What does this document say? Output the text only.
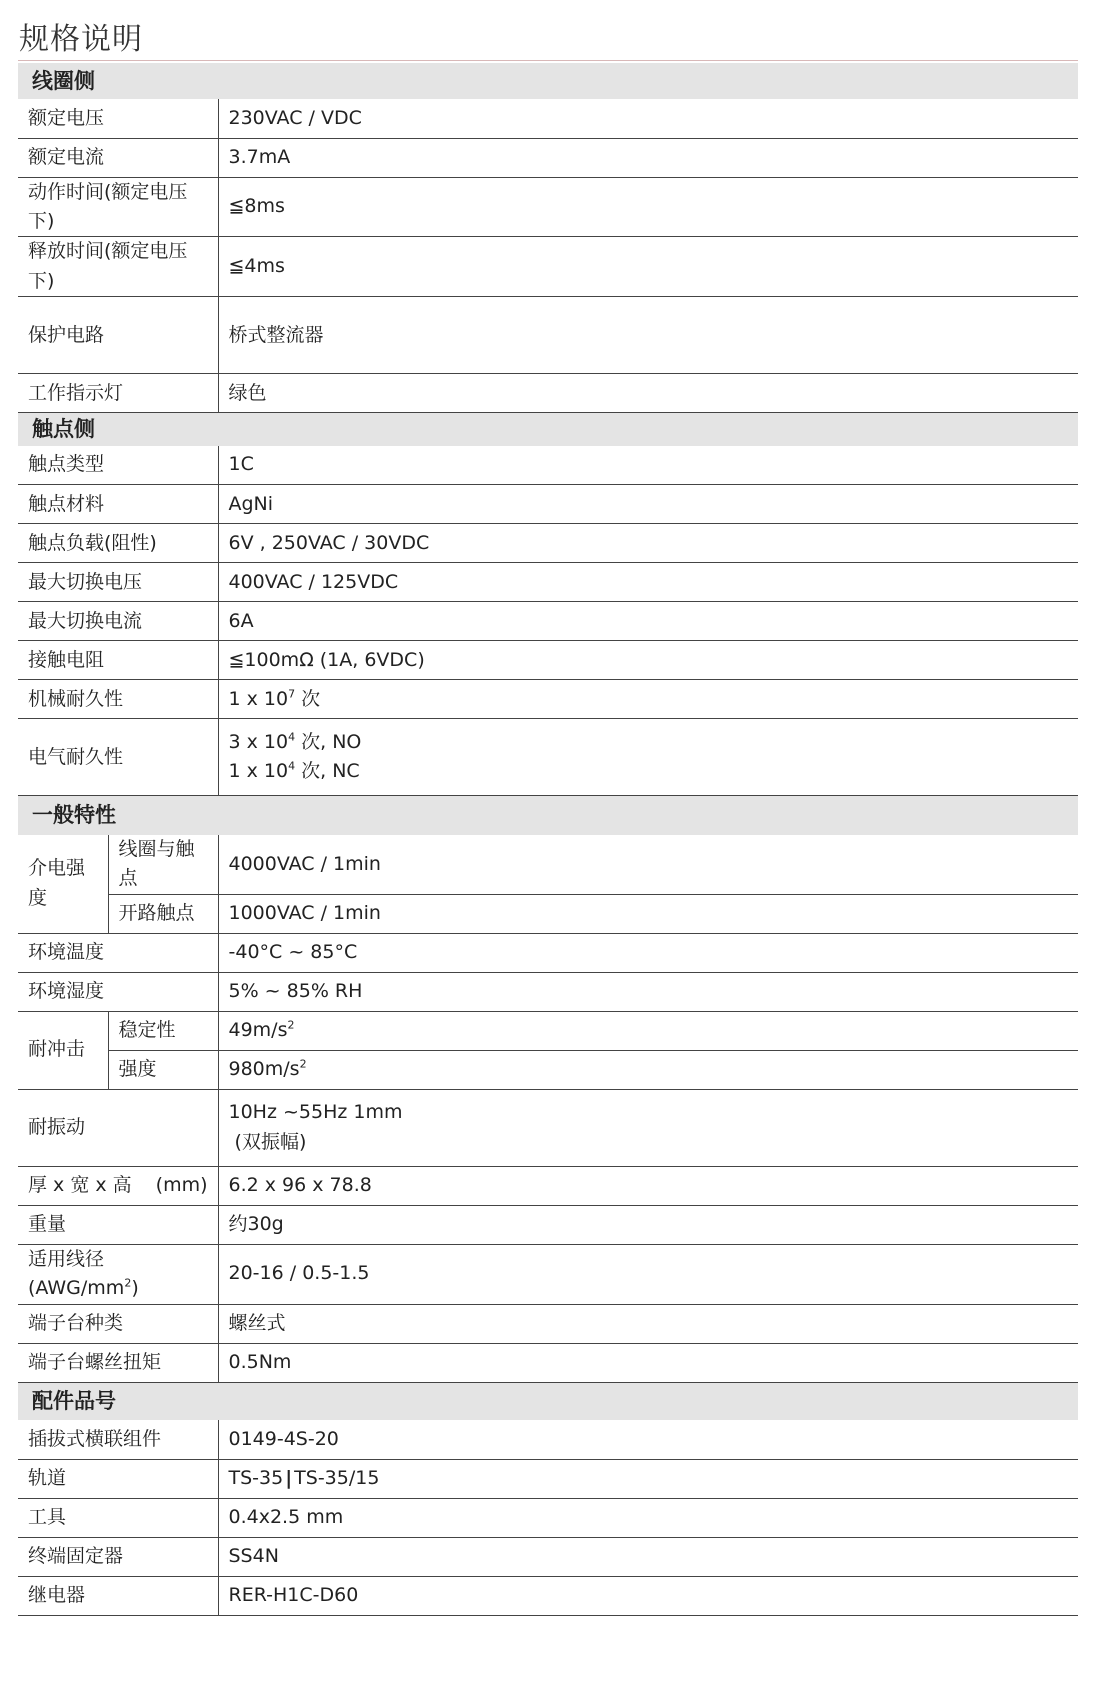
规格说明
线圈侧		
额定电压		230VAC / VDC
额定电流		3.7mA
动作时间(额定电压下)		≦8ms
释放时间(额定电压下)		≦4ms
保护电路		桥式整流器
工作指示灯		绿色
触点侧		
触点类型		1C
触点材料		AgNi
触点负载(阻性)		6V , 250VAC / 30VDC
最大切换电压		400VAC / 125VDC
最大切换电流		6A
接触电阻		≦100mΩ (1A, 6VDC)
机械耐久性		1 x $10^7$ 次
电气耐久性		3 x $10^4$ 次, NO
1 x $10^4$ 次, NC

一般特性		
介电强度	线圈与触点	4000VAC / 1min
	开路触点	1000VAC / 1min
环境温度		-40°C ~ 85°C
环境湿度		5% ~ 85% RH
耐冲击	稳定性	$49m/s^2$
	强度	$980m/s^2$
耐振动		10Hz ~55Hz 1mm
(双振幅)

厚 x 宽 x 高 (mm)		6.2 x 96 x 78.8
重量		约30g
适用线径$(AWG/mm^2)$		20-16 / 0.5-1.5
端子台种类		螺丝式
端子台螺丝扭矩		0.5Nm
配件品号		
插拔式横联组件		0149-4S-20
轨道		TS-35 | TS-35/15
工具		0.4x2.5 mm
终端固定器		SS4N
继电器		RER-H1C-D60
